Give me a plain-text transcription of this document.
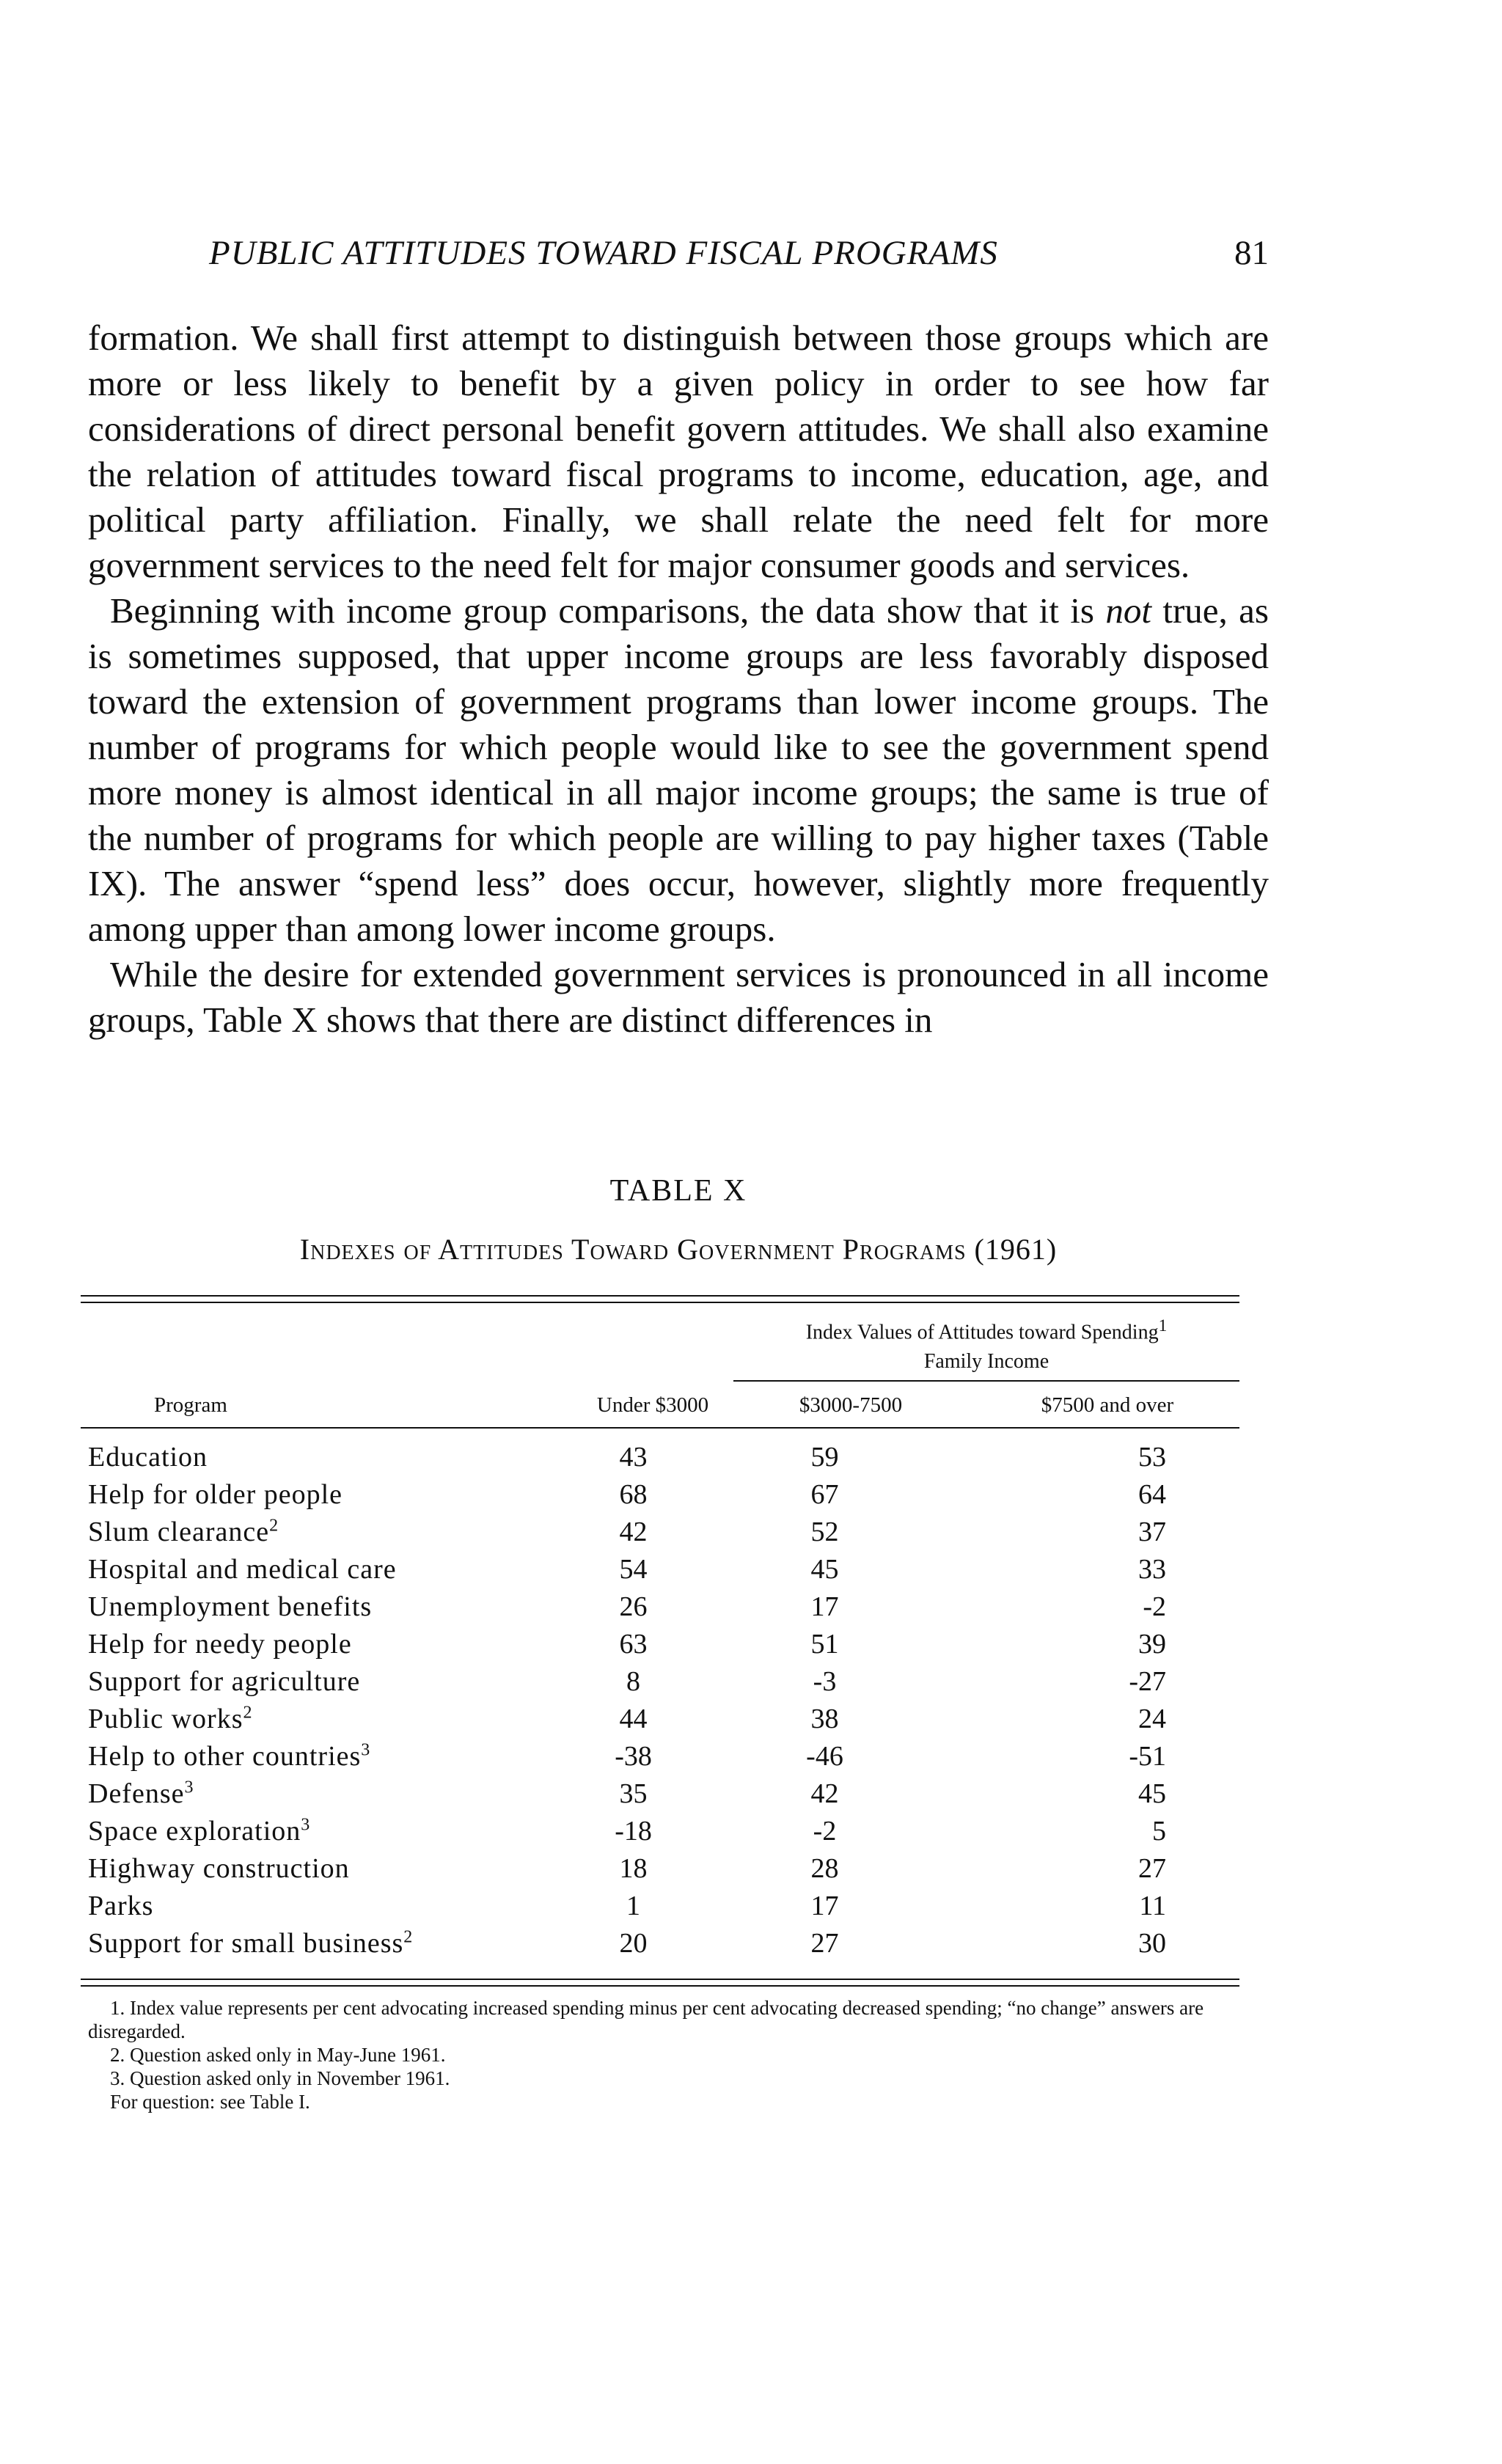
PUBLIC ATTITUDES TOWARD FISCAL PROGRAMS	81

formation. We shall first attempt to distinguish between those groups which are more or less likely to benefit by a given policy in order to see how far considerations of direct personal benefit govern attitudes. We shall also examine the relation of attitudes toward fiscal programs to income, education, age, and political party affiliation. Finally, we shall relate the need felt for more government services to the need felt for major consumer goods and services.

Beginning with income group comparisons, the data show that it is not true, as is sometimes supposed, that upper income groups are less favorably disposed toward the extension of government programs than lower income groups. The number of programs for which people would like to see the government spend more money is almost identical in all major income groups; the same is true of the number of programs for which people are willing to pay higher taxes (Table IX). The answer “spend less” does occur, however, slightly more frequently among upper than among lower income groups.

While the desire for extended government services is pronounced in all income groups, Table X shows that there are distinct differences in

TABLE X
Indexes of Attitudes Toward Government Programs (1961)
Index Values of Attitudes toward Spending$^1$
Family Income
Program	Under $3000	$3000-7500	$7500 and over
Education	43	59	53
Help for older people	68	67	64
Slum clearance$^2$	42	52	37
Hospital and medical care	54	45	33
Unemployment benefits	26	17	-2
Help for needy people	63	51	39
Support for agriculture	8	-3	-27
Public works$^2$	44	38	24
Help to other countries$^3$	-38	-46	-51
Defense$^3$	35	42	45
Space exploration$^3$	-18	-2	5
Highway construction	18	28	27
Parks	1	17	11
Support for small business$^2$	20	27	30

1. Index value represents per cent advocating increased spending minus per cent advocating decreased spending; “no change” answers are disregarded.

2. Question asked only in May-June 1961.

3. Question asked only in November 1961.

For question: see Table I.
